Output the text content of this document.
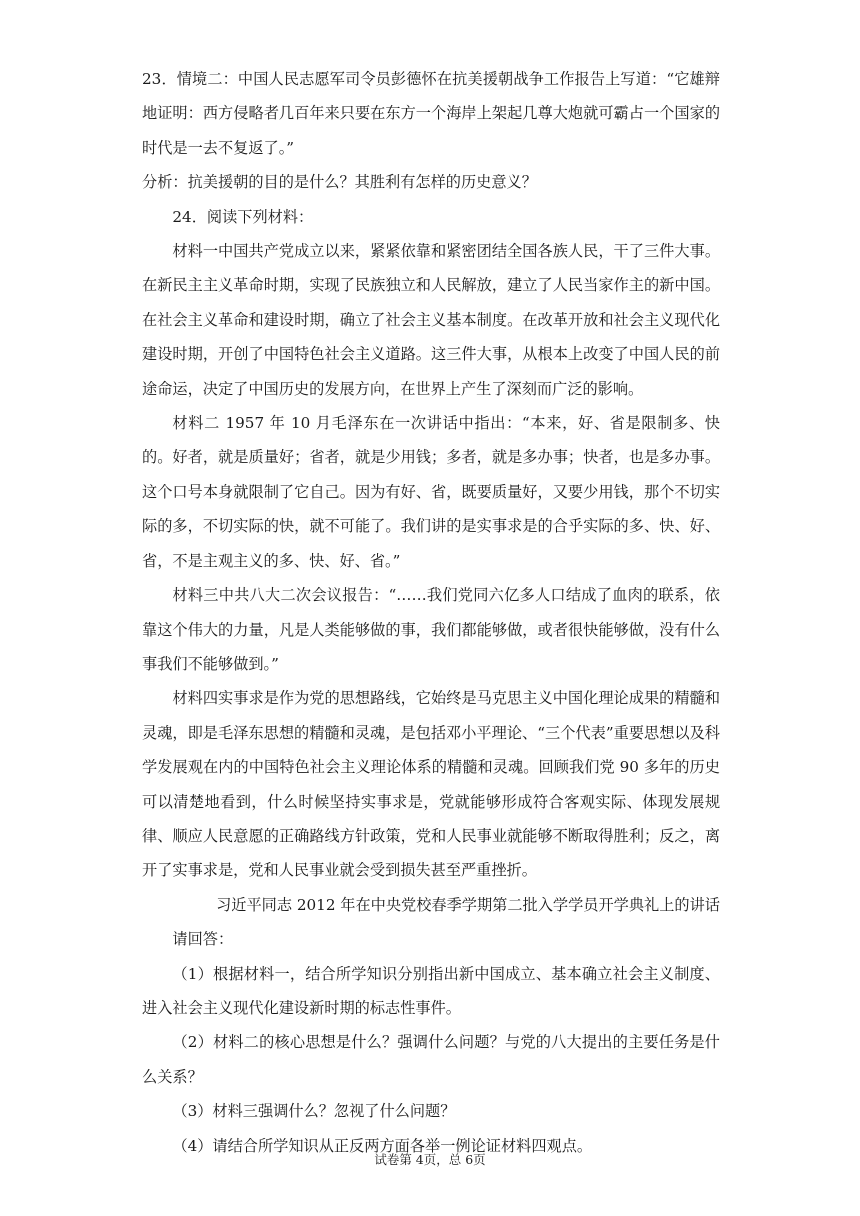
23．情境二：中国人民志愿军司令员彭德怀在抗美援朝战争工作报告上写道：“它雄辩地证明：西方侵略者几百年来只要在东方一个海岸上架起几尊大炮就可霸占一个国家的时代是一去不复返了。”

分析：抗美援朝的目的是什么？其胜利有怎样的历史意义？

24．阅读下列材料：

材料一中国共产党成立以来，紧紧依靠和紧密团结全国各族人民，干了三件大事。在新民主主义革命时期，实现了民族独立和人民解放，建立了人民当家作主的新中国。在社会主义革命和建设时期，确立了社会主义基本制度。在改革开放和社会主义现代化建设时期，开创了中国特色社会主义道路。这三件大事，从根本上改变了中国人民的前途命运，决定了中国历史的发展方向，在世界上产生了深刻而广泛的影响。

材料二 1957 年 10 月毛泽东在一次讲话中指出：“本来，好、省是限制多、快的。好者，就是质量好；省者，就是少用钱；多者，就是多办事；快者，也是多办事。这个口号本身就限制了它自己。因为有好、省，既要质量好，又要少用钱，那个不切实际的多，不切实际的快，就不可能了。我们讲的是实事求是的合乎实际的多、快、好、省，不是主观主义的多、快、好、省。”

材料三中共八大二次会议报告：“……我们党同六亿多人口结成了血肉的联系，依靠这个伟大的力量，凡是人类能够做的事，我们都能够做，或者很快能够做，没有什么事我们不能够做到。”

材料四实事求是作为党的思想路线，它始终是马克思主义中国化理论成果的精髓和灵魂，即是毛泽东思想的精髓和灵魂，是包括邓小平理论、“三个代表”重要思想以及科学发展观在内的中国特色社会主义理论体系的精髓和灵魂。回顾我们党 90 多年的历史可以清楚地看到，什么时候坚持实事求是，党就能够形成符合客观实际、体现发展规律、顺应人民意愿的正确路线方针政策，党和人民事业就能够不断取得胜利；反之，离开了实事求是，党和人民事业就会受到损失甚至严重挫折。

习近平同志 2012 年在中央党校春季学期第二批入学学员开学典礼上的讲话

请回答：

（1）根据材料一，结合所学知识分别指出新中国成立、基本确立社会主义制度、进入社会主义现代化建设新时期的标志性事件。

（2）材料二的核心思想是什么？强调什么问题？与党的八大提出的主要任务是什么关系？

（3）材料三强调什么？忽视了什么问题？

（4）请结合所学知识从正反两方面各举一例论证材料四观点。

试卷第 4页，总 6页
